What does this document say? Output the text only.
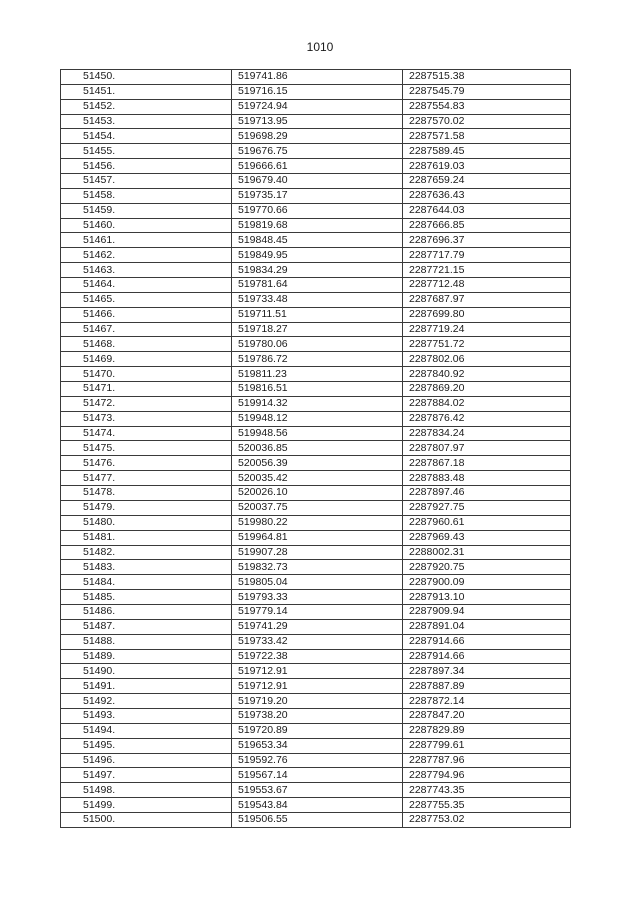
1010
51450.	519741.86	2287515.38
51451.	519716.15	2287545.79
51452.	519724.94	2287554.83
51453.	519713.95	2287570.02
51454.	519698.29	2287571.58
51455.	519676.75	2287589.45
51456.	519666.61	2287619.03
51457.	519679.40	2287659.24
51458.	519735.17	2287636.43
51459.	519770.66	2287644.03
51460.	519819.68	2287666.85
51461.	519848.45	2287696.37
51462.	519849.95	2287717.79
51463.	519834.29	2287721.15
51464.	519781.64	2287712.48
51465.	519733.48	2287687.97
51466.	519711.51	2287699.80
51467.	519718.27	2287719.24
51468.	519780.06	2287751.72
51469.	519786.72	2287802.06
51470.	519811.23	2287840.92
51471.	519816.51	2287869.20
51472.	519914.32	2287884.02
51473.	519948.12	2287876.42
51474.	519948.56	2287834.24
51475.	520036.85	2287807.97
51476.	520056.39	2287867.18
51477.	520035.42	2287883.48
51478.	520026.10	2287897.46
51479.	520037.75	2287927.75
51480.	519980.22	2287960.61
51481.	519964.81	2287969.43
51482.	519907.28	2288002.31
51483.	519832.73	2287920.75
51484.	519805.04	2287900.09
51485.	519793.33	2287913.10
51486.	519779.14	2287909.94
51487.	519741.29	2287891.04
51488.	519733.42	2287914.66
51489.	519722.38	2287914.66
51490.	519712.91	2287897.34
51491.	519712.91	2287887.89
51492.	519719.20	2287872.14
51493.	519738.20	2287847.20
51494.	519720.89	2287829.89
51495.	519653.34	2287799.61
51496.	519592.76	2287787.96
51497.	519567.14	2287794.96
51498.	519553.67	2287743.35
51499.	519543.84	2287755.35
51500.	519506.55	2287753.02
